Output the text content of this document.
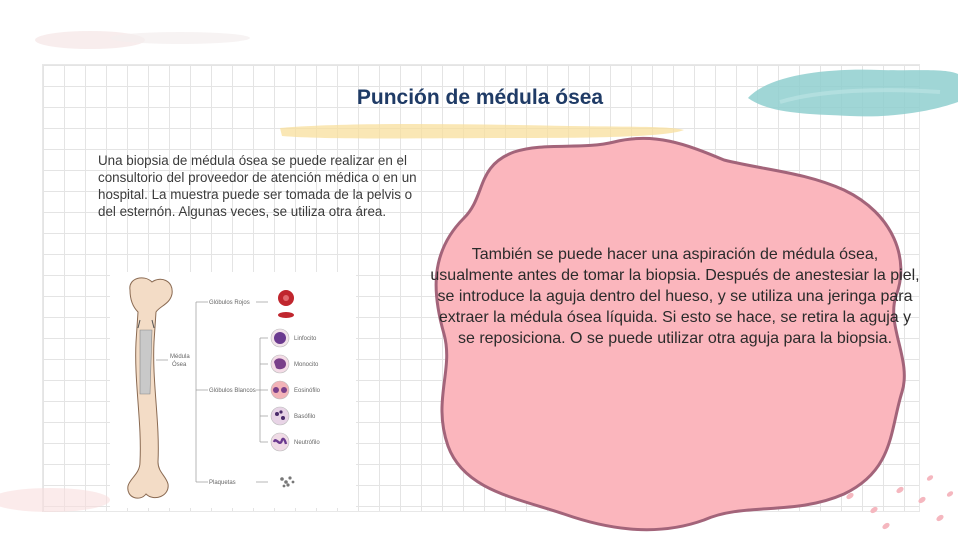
Punción de médula ósea

Una biopsia de médula ósea se puede realizar en el consultorio del proveedor de atención médica o en un hospital. La muestra puede ser tomada de la pelvis o del esternón. Algunas veces, se utiliza otra área.

También se puede hacer una aspiración de médula ósea, usualmente antes de tomar la biopsia. Después de anestesiar la piel, se introduce la aguja dentro del hueso, y se utiliza una jeringa para extraer la médula ósea líquida. Si esto se hace, se retira la aguja y se reposiciona. O se puede utilizar otra aguja para la biopsia.

Médula
Ósea
Glóbulos Rojos
Glóbulos Blancos
Plaquetas
Linfocito
Monocito
Eosinófilo
Basófilo
Neutrófilo
